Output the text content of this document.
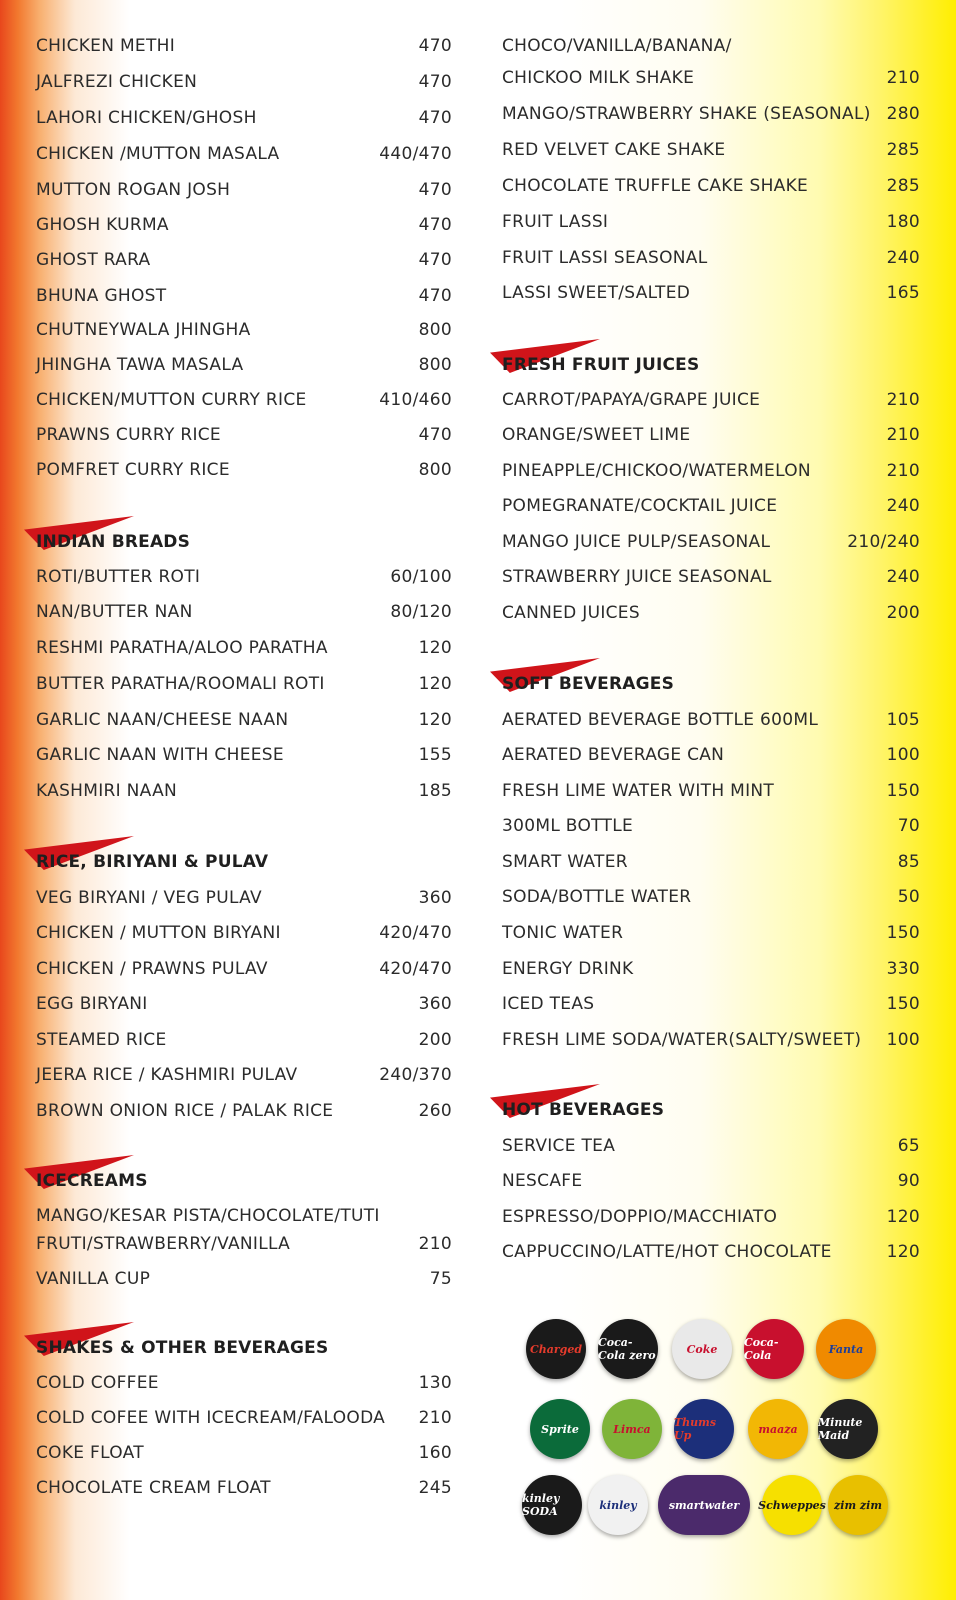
CHICKEN METHI	470
JALFREZI CHICKEN	470
LAHORI CHICKEN/GHOSH	470
CHICKEN /MUTTON MASALA	440/470
MUTTON ROGAN JOSH	470
GHOSH KURMA	470
GHOST RARA	470
BHUNA GHOST	470
CHUTNEYWALA JHINGHA	800
JHINGHA TAWA MASALA	800
CHICKEN/MUTTON CURRY RICE	410/460
PRAWNS CURRY RICE	470
POMFRET CURRY RICE	800
INDIAN BREADS
ROTI/BUTTER ROTI	60/100
NAN/BUTTER NAN	80/120
RESHMI PARATHA/ALOO PARATHA	120
BUTTER PARATHA/ROOMALI ROTI	120
GARLIC NAAN/CHEESE NAAN	120
GARLIC NAAN WITH CHEESE	155
KASHMIRI NAAN	185
RICE, BIRIYANI & PULAV
VEG BIRYANI / VEG PULAV	360
CHICKEN / MUTTON BIRYANI	420/470
CHICKEN / PRAWNS PULAV	420/470
EGG BIRYANI	360
STEAMED RICE	200
JEERA RICE / KASHMIRI PULAV	240/370
BROWN ONION RICE / PALAK RICE	260
ICECREAMS
MANGO/KESAR PISTA/CHOCOLATE/TUTI
FRUTI/STRAWBERRY/VANILLA	210
VANILLA CUP	75
SHAKES & OTHER BEVERAGES
COLD COFFEE	130
COLD COFEE WITH ICECREAM/FALOODA	210
COKE FLOAT	160
CHOCOLATE CREAM FLOAT	245
CHOCO/VANILLA/BANANA/
CHICKOO MILK SHAKE	210
MANGO/STRAWBERRY SHAKE (SEASONAL) 280
RED VELVET CAKE SHAKE	285
CHOCOLATE TRUFFLE CAKE SHAKE	285
FRUIT LASSI	180
FRUIT LASSI SEASONAL	240
LASSI SWEET/SALTED	165
FRESH FRUIT JUICES
CARROT/PAPAYA/GRAPE JUICE	210
ORANGE/SWEET LIME	210
PINEAPPLE/CHICKOO/WATERMELON	210
POMEGRANATE/COCKTAIL JUICE	240
MANGO JUICE PULP/SEASONAL	210/240
STRAWBERRY JUICE SEASONAL	240
CANNED JUICES	200
SOFT BEVERAGES
AERATED BEVERAGE BOTTLE 600ML	105
AERATED BEVERAGE CAN	100
FRESH LIME WATER WITH MINT	150
300ML BOTTLE	70
SMART WATER	85
SODA/BOTTLE WATER	50
TONIC WATER	150
ENERGY DRINK	330
ICED TEAS	150
FRESH LIME SODA/WATER(SALTY/SWEET)	100
HOT BEVERAGES
SERVICE TEA	65
NESCAFE	90
ESPRESSO/DOPPIO/MACCHIATO	120
CAPPUCCINO/LATTE/HOT CHOCOLATE	120
Charged Coca-Cola zero	Coke Coca-Cola	Fanta
Sprite	Limca Thums Up	maaza Minute Maid
kinley SODA	kinley	smartwater Schweppes zim zim
